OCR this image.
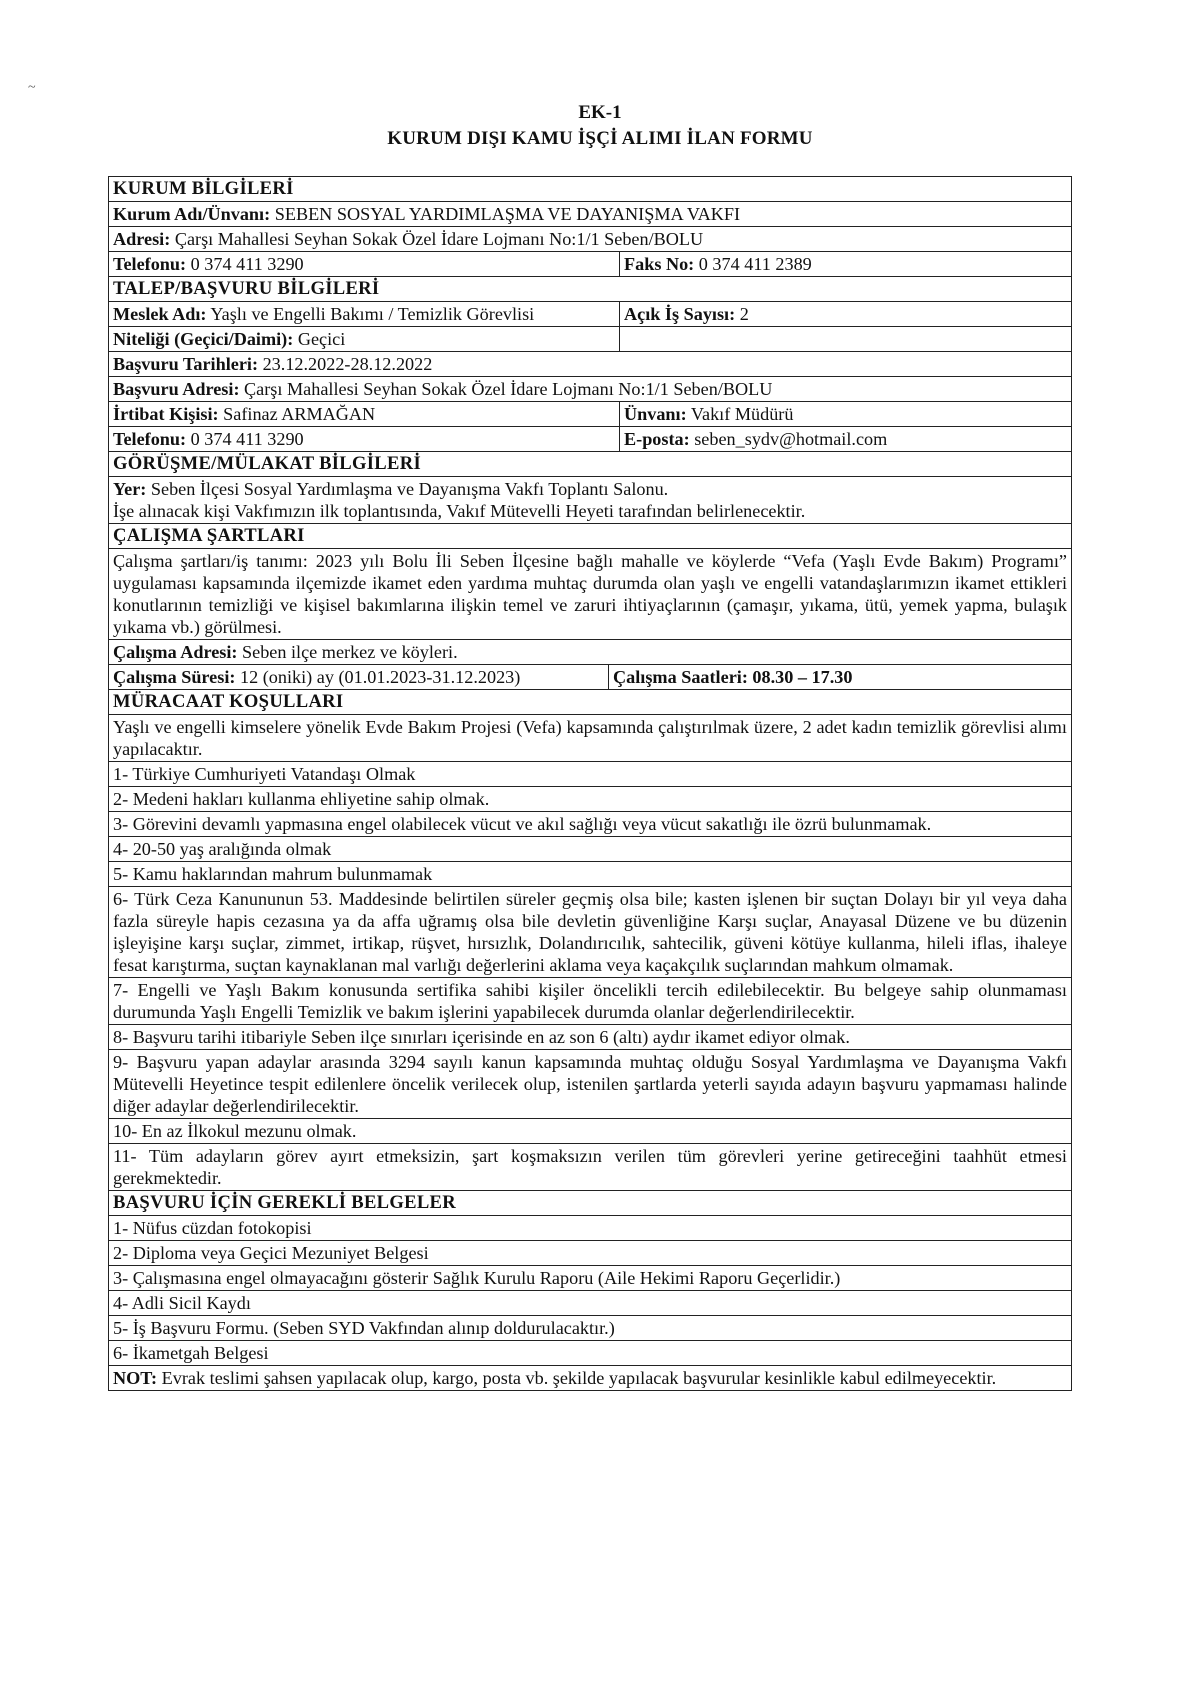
~
EK-1
KURUM DIŞI KAMU İŞÇİ ALIMI İLAN FORMU
KURUM BİLGİLERİ
Kurum Adı/Ünvanı: SEBEN SOSYAL YARDIMLAŞMA VE DAYANIŞMA VAKFI
Adresi: Çarşı Mahallesi Seyhan Sokak Özel İdare Lojmanı No:1/1 Seben/BOLU
Telefonu: 0 374 411 3290	Faks No: 0 374 411 2389
TALEP/BAŞVURU BİLGİLERİ
Meslek Adı: Yaşlı ve Engelli Bakımı / Temizlik Görevlisi	Açık İş Sayısı: 2
Niteliği (Geçici/Daimi): Geçici
Başvuru Tarihleri: 23.12.2022-28.12.2022
Başvuru Adresi: Çarşı Mahallesi Seyhan Sokak Özel İdare Lojmanı No:1/1 Seben/BOLU
İrtibat Kişisi: Safinaz ARMAĞAN	Ünvanı: Vakıf Müdürü
Telefonu: 0 374 411 3290	E-posta: seben_sydv@hotmail.com
GÖRÜŞME/MÜLAKAT BİLGİLERİ
Yer: Seben İlçesi Sosyal Yardımlaşma ve Dayanışma Vakfı Toplantı Salonu.
İşe alınacak kişi Vakfımızın ilk toplantısında, Vakıf Mütevelli Heyeti tarafından belirlenecektir.
ÇALIŞMA ŞARTLARI
Çalışma şartları/iş tanımı: 2023 yılı Bolu İli Seben İlçesine bağlı mahalle ve köylerde “Vefa (Yaşlı Evde Bakım) Programı” uygulaması kapsamında ilçemizde ikamet eden yardıma muhtaç durumda olan yaşlı ve engelli vatandaşlarımızın ikamet ettikleri konutlarının temizliği ve kişisel bakımlarına ilişkin temel ve zaruri ihtiyaçlarının (çamaşır, yıkama, ütü, yemek yapma, bulaşık yıkama vb.) görülmesi.
Çalışma Adresi: Seben ilçe merkez ve köyleri.
Çalışma Süresi: 12 (oniki) ay (01.01.2023-31.12.2023)	Çalışma Saatleri: 08.30 – 17.30
MÜRACAAT KOŞULLARI
Yaşlı ve engelli kimselere yönelik Evde Bakım Projesi (Vefa) kapsamında çalıştırılmak üzere, 2 adet kadın temizlik görevlisi alımı yapılacaktır.
1- Türkiye Cumhuriyeti Vatandaşı Olmak
2- Medeni hakları kullanma ehliyetine sahip olmak.
3- Görevini devamlı yapmasına engel olabilecek vücut ve akıl sağlığı veya vücut sakatlığı ile özrü bulunmamak.
4- 20-50 yaş aralığında olmak
5- Kamu haklarından mahrum bulunmamak
6- Türk Ceza Kanununun 53. Maddesinde belirtilen süreler geçmiş olsa bile; kasten işlenen bir suçtan Dolayı bir yıl veya daha fazla süreyle hapis cezasına ya da affa uğramış olsa bile devletin güvenliğine Karşı suçlar, Anayasal Düzene ve bu düzenin işleyişine karşı suçlar, zimmet, irtikap, rüşvet, hırsızlık, Dolandırıcılık, sahtecilik, güveni kötüye kullanma, hileli iflas, ihaleye fesat karıştırma, suçtan kaynaklanan mal varlığı değerlerini aklama veya kaçakçılık suçlarından mahkum olmamak.
7- Engelli ve Yaşlı Bakım konusunda sertifika sahibi kişiler öncelikli tercih edilebilecektir. Bu belgeye sahip olunmaması durumunda Yaşlı Engelli Temizlik ve bakım işlerini yapabilecek durumda olanlar değerlendirilecektir.
8- Başvuru tarihi itibariyle Seben ilçe sınırları içerisinde en az son 6 (altı) aydır ikamet ediyor olmak.
9- Başvuru yapan adaylar arasında 3294 sayılı kanun kapsamında muhtaç olduğu Sosyal Yardımlaşma ve Dayanışma Vakfı Mütevelli Heyetince tespit edilenlere öncelik verilecek olup, istenilen şartlarda yeterli sayıda adayın başvuru yapmaması halinde diğer adaylar değerlendirilecektir.
10- En az İlkokul mezunu olmak.
11- Tüm adayların görev ayırt etmeksizin, şart koşmaksızın verilen tüm görevleri yerine getireceğini taahhüt etmesi gerekmektedir.
BAŞVURU İÇİN GEREKLİ BELGELER
1- Nüfus cüzdan fotokopisi
2- Diploma veya Geçici Mezuniyet Belgesi
3- Çalışmasına engel olmayacağını gösterir Sağlık Kurulu Raporu (Aile Hekimi Raporu Geçerlidir.)
4- Adli Sicil Kaydı
5- İş Başvuru Formu. (Seben SYD Vakfından alınıp doldurulacaktır.)
6- İkametgah Belgesi
NOT: Evrak teslimi şahsen yapılacak olup, kargo, posta vb. şekilde yapılacak başvurular kesinlikle kabul edilmeyecektir.
